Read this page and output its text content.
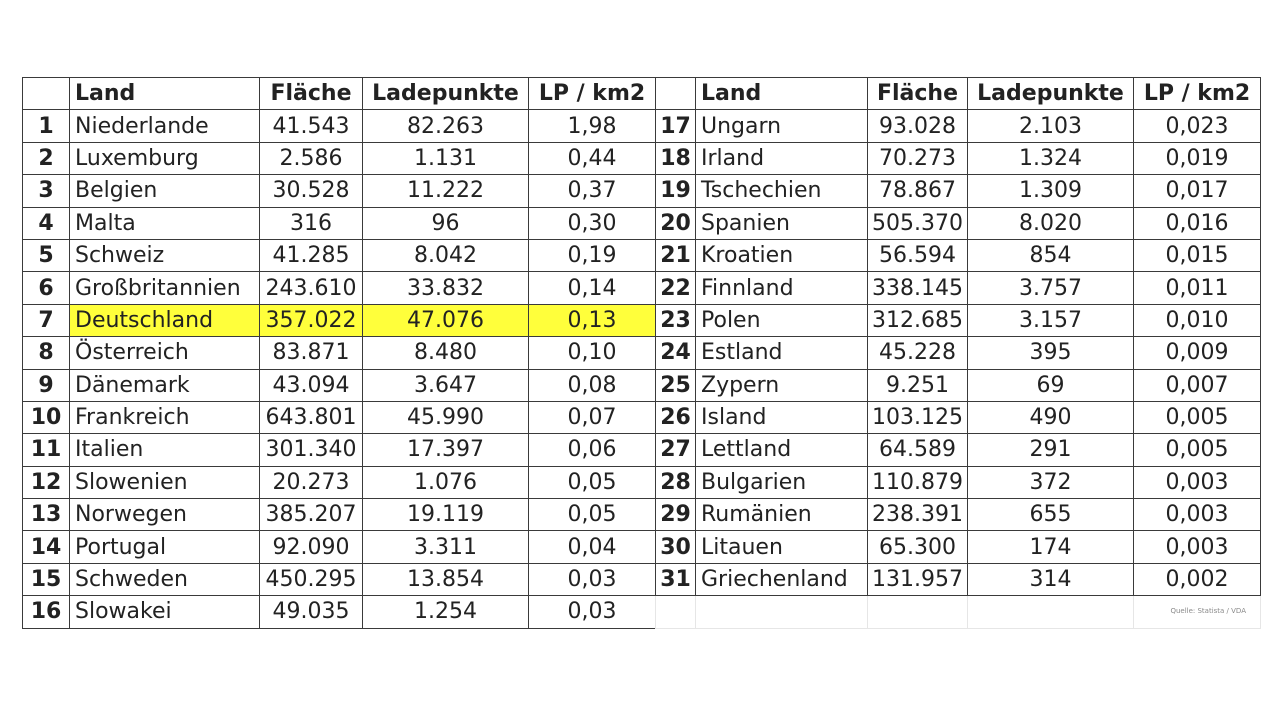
	Land	Fläche	Ladepunkte	LP / km2
1	Niederlande	41.543	82.263	1,98
2	Luxemburg	2.586	1.131	0,44
3	Belgien	30.528	11.222	0,37
4	Malta	316	96	0,30
5	Schweiz	41.285	8.042	0,19
6	Großbritannien	243.610	33.832	0,14
7	Deutschland	357.022	47.076	0,13
8	Österreich	83.871	8.480	0,10
9	Dänemark	43.094	3.647	0,08
10	Frankreich	643.801	45.990	0,07
11	Italien	301.340	17.397	0,06
12	Slowenien	20.273	1.076	0,05
13	Norwegen	385.207	19.119	0,05
14	Portugal	92.090	3.311	0,04
15	Schweden	450.295	13.854	0,03
16	Slowakei	49.035	1.254	0,03
	Land	Fläche	Ladepunkte	LP / km2
17	Ungarn	93.028	2.103	0,023
18	Irland	70.273	1.324	0,019
19	Tschechien	78.867	1.309	0,017
20	Spanien	505.370	8.020	0,016
21	Kroatien	56.594	854	0,015
22	Finnland	338.145	3.757	0,011
23	Polen	312.685	3.157	0,010
24	Estland	45.228	395	0,009
25	Zypern	9.251	69	0,007
26	Island	103.125	490	0,005
27	Lettland	64.589	291	0,005
28	Bulgarien	110.879	372	0,003
29	Rumänien	238.391	655	0,003
30	Litauen	65.300	174	0,003
31	Griechenland	131.957	314	0,002
				Quelle: Statista / VDA
